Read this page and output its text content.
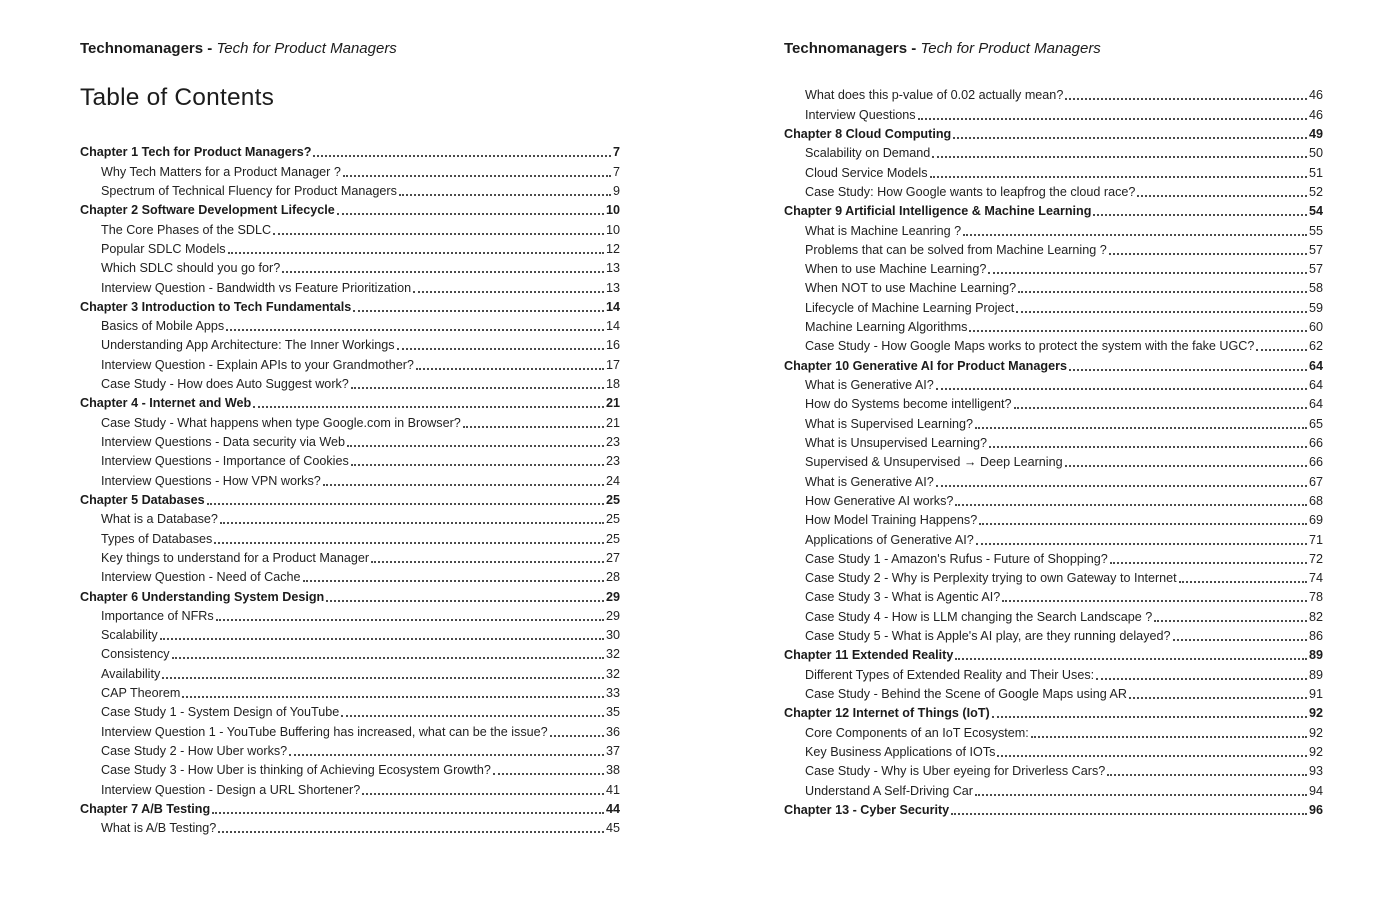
Technomanagers - Tech for Product Managers
Table of Contents
Chapter 1 Tech for Product Managers?	7
Why Tech Matters for a Product Manager ?	7
Spectrum of Technical Fluency for Product Managers	9
Chapter 2 Software Development Lifecycle	10
The Core Phases of the SDLC	10
Popular SDLC Models	12
Which SDLC should you go for?	13
Interview Question - Bandwidth vs Feature Prioritization	13
Chapter 3 Introduction to Tech Fundamentals	14
Basics of Mobile Apps	14
Understanding App Architecture: The Inner Workings	16
Interview Question - Explain APIs to your Grandmother?	17
Case Study - How does Auto Suggest work?	18
Chapter 4 - Internet and Web	21
Case Study - What happens when type Google.com in Browser?	21
Interview Questions - Data security via Web	23
Interview Questions - Importance of Cookies	23
Interview Questions - How VPN works?	24
Chapter 5 Databases	25
What is a Database?	25
Types of Databases	25
Key things to understand for a Product Manager	27
Interview Question - Need of Cache	28
Chapter 6 Understanding System Design	29
Importance of NFRs	29
Scalability	30
Consistency	32
Availability	32
CAP Theorem	33
Case Study 1 - System Design of YouTube	35
Interview Question 1 - YouTube Buffering has increased, what can be the issue?	36
Case Study 2 - How Uber works?	37
Case Study 3 - How Uber is thinking of Achieving Ecosystem Growth?	38
Interview Question - Design a URL Shortener?	41
Chapter 7 A/B Testing	44
What is A/B Testing?	45
Technomanagers - Tech for Product Managers
What does this p-value of 0.02 actually mean?	46
Interview Questions	46
Chapter 8 Cloud Computing	49
Scalability on Demand	50
Cloud Service Models	51
Case Study: How Google wants to leapfrog the cloud race?	52
Chapter 9 Artificial Intelligence & Machine Learning	54
What is Machine Leanring ?	55
Problems that can be solved from Machine Learning ?	57
When to use Machine Learning?	57
When NOT to use Machine Learning?	58
Lifecycle of Machine Learning Project	59
Machine Learning Algorithms	60
Case Study - How Google Maps works to protect the system with the fake UGC?	62
Chapter 10 Generative AI for Product Managers	64
What is Generative AI?	64
How do Systems become intelligent?	64
What is Supervised Learning?	65
What is Unsupervised Learning?	66
Supervised & Unsupervised → Deep Learning	66
What is Generative AI?	67
How Generative AI works?	68
How Model Training Happens?	69
Applications of Generative AI?	71
Case Study 1 - Amazon's Rufus - Future of Shopping?	72
Case Study 2 - Why is Perplexity trying to own Gateway to Internet	74
Case Study 3 - What is Agentic AI?	78
Case Study 4 - How is LLM changing the Search Landscape ?	82
Case Study 5 - What is Apple's AI play, are they running delayed?	86
Chapter 11 Extended Reality	89
Different Types of Extended Reality and Their Uses:	89
Case Study - Behind the Scene of Google Maps using AR	91
Chapter 12 Internet of Things (IoT)	92
Core Components of an IoT Ecosystem:	92
Key Business Applications of IOTs	92
Case Study - Why is Uber eyeing for Driverless Cars?	93
Understand A Self-Driving Car	94
Chapter 13 - Cyber Security	96
